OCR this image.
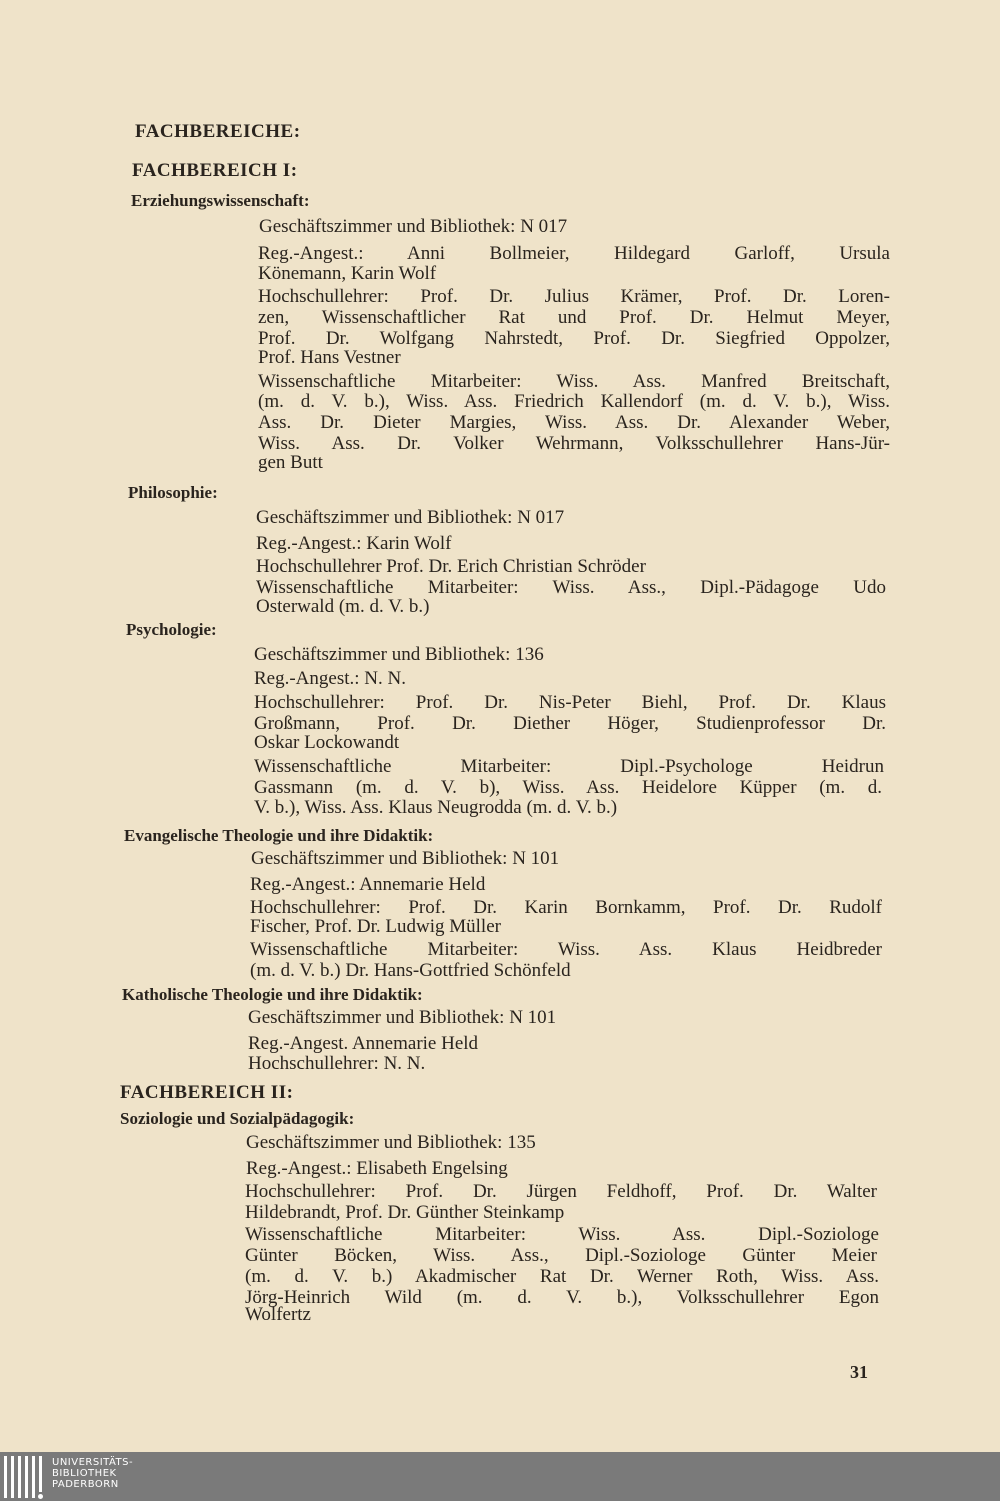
FACHBEREICHE:
FACHBEREICH I:
Erziehungswissenschaft:
Geschäftszimmer und Bibliothek: N 017
Reg.-Angest.: Anni Bollmeier, Hildegard Garloff, Ursula
Könemann, Karin Wolf
Hochschullehrer: Prof. Dr. Julius Krämer, Prof. Dr. Loren-
zen, Wissenschaftlicher Rat und Prof. Dr. Helmut Meyer,
Prof. Dr. Wolfgang Nahrstedt, Prof. Dr. Siegfried Oppolzer,
Prof. Hans Vestner
Wissenschaftliche Mitarbeiter: Wiss. Ass. Manfred Breitschaft,
(m. d. V. b.), Wiss. Ass. Friedrich Kallendorf (m. d. V. b.), Wiss.
Ass. Dr. Dieter Margies, Wiss. Ass. Dr. Alexander Weber,
Wiss. Ass. Dr. Volker Wehrmann, Volksschullehrer Hans-Jür-
gen Butt
Philosophie:
Geschäftszimmer und Bibliothek: N 017
Reg.-Angest.: Karin Wolf
Hochschullehrer Prof. Dr. Erich Christian Schröder
Wissenschaftliche Mitarbeiter: Wiss. Ass., Dipl.-Pädagoge Udo
Osterwald (m. d. V. b.)
Psychologie:
Geschäftszimmer und Bibliothek: 136
Reg.-Angest.: N. N.
Hochschullehrer: Prof. Dr. Nis-Peter Biehl, Prof. Dr. Klaus
Großmann, Prof. Dr. Diether Höger, Studienprofessor Dr.
Oskar Lockowandt
Wissenschaftliche Mitarbeiter: Dipl.-Psychologe Heidrun
Gassmann (m. d. V. b), Wiss. Ass. Heidelore Küpper (m. d.
V. b.), Wiss. Ass. Klaus Neugrodda (m. d. V. b.)
Evangelische Theologie und ihre Didaktik:
Geschäftszimmer und Bibliothek: N 101
Reg.-Angest.: Annemarie Held
Hochschullehrer: Prof. Dr. Karin Bornkamm, Prof. Dr. Rudolf
Fischer, Prof. Dr. Ludwig Müller
Wissenschaftliche Mitarbeiter: Wiss. Ass. Klaus Heidbreder
(m. d. V. b.) Dr. Hans-Gottfried Schönfeld
Katholische Theologie und ihre Didaktik:
Geschäftszimmer und Bibliothek: N 101
Reg.-Angest. Annemarie Held
Hochschullehrer: N. N.
FACHBEREICH II:
Soziologie und Sozialpädagogik:
Geschäftszimmer und Bibliothek: 135
Reg.-Angest.: Elisabeth Engelsing
Hochschullehrer: Prof. Dr. Jürgen Feldhoff, Prof. Dr. Walter
Hildebrandt, Prof. Dr. Günther Steinkamp
Wissenschaftliche Mitarbeiter: Wiss. Ass. Dipl.-Soziologe
Günter Böcken, Wiss. Ass., Dipl.-Soziologe Günter Meier
(m. d. V. b.) Akadmischer Rat Dr. Werner Roth, Wiss. Ass.
Jörg-Heinrich Wild (m. d. V. b.), Volksschullehrer Egon
Wolfertz
31
UNIVERSITÄTS-
BIBLIOTHEK
PADERBORN
